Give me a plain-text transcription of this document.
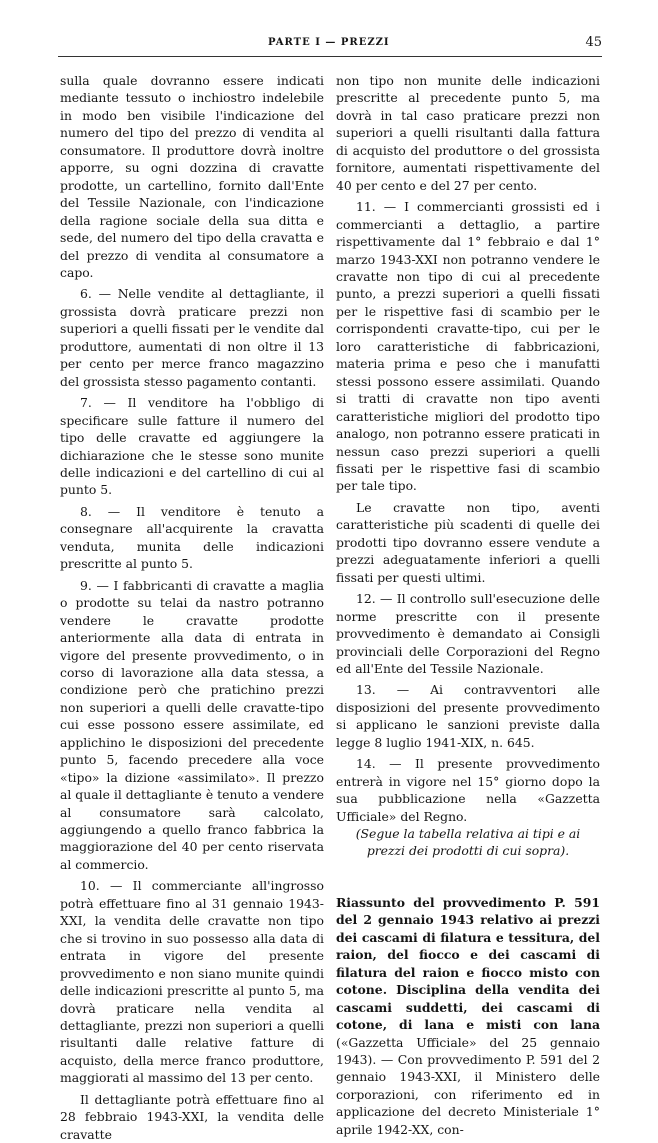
PARTE I — PREZZI	45

sulla quale dovranno essere indicati mediante tessuto o inchiostro indelebile in modo ben visibile l'indicazione del numero del tipo del prezzo di vendita al consumatore. Il produttore dovrà inoltre apporre, su ogni dozzina di cravatte prodotte, un cartellino, fornito dall'Ente del Tessile Nazionale, con l'indicazione della ragione sociale della sua ditta e sede, del numero del tipo della cravatta e del prezzo di vendita al consumatore a capo.

6. — Nelle vendite al dettagliante, il grossista dovrà praticare prezzi non superiori a quelli fissati per le vendite dal produttore, aumentati di non oltre il 13 per cento per merce franco magazzino del grossista stesso pagamento contanti.

7. — Il venditore ha l'obbligo di specificare sulle fatture il numero del tipo delle cravatte ed aggiungere la dichiarazione che le stesse sono munite delle indicazioni e del cartellino di cui al punto 5.

8. — Il venditore è tenuto a consegnare all'acquirente la cravatta venduta, munita delle indicazioni prescritte al punto 5.

9. — I fabbricanti di cravatte a maglia o prodotte su telai da nastro potranno vendere le cravatte prodotte anteriormente alla data di entrata in vigore del presente provvedimento, o in corso di lavorazione alla data stessa, a condizione però che pratichino prezzi non superiori a quelli delle cravatte-tipo cui esse possono essere assimilate, ed applichino le disposizioni del precedente punto 5, facendo precedere alla voce «tipo» la dizione «assimilato». Il prezzo al quale il dettagliante è tenuto a vendere al consumatore sarà calcolato, aggiungendo a quello franco fabbrica la maggiorazione del 40 per cento riservata al commercio.

10. — Il commerciante all'ingrosso potrà effettuare fino al 31 gennaio 1943-XXI, la vendita delle cravatte non tipo che si trovino in suo possesso alla data di entrata in vigore del presente provvedimento e non siano munite quindi delle indicazioni prescritte al punto 5, ma dovrà praticare nella vendita al dettagliante, prezzi non superiori a quelli risultanti dalle relative fatture di acquisto, della merce franco produttore, maggiorati al massimo del 13 per cento.

Il dettagliante potrà effettuare fino al 28 febbraio 1943-XXI, la vendita delle cravatte

non tipo non munite delle indicazioni prescritte al precedente punto 5, ma dovrà in tal caso praticare prezzi non superiori a quelli risultanti dalla fattura di acquisto del produttore o del grossista fornitore, aumentati rispettivamente del 40 per cento e del 27 per cento.

11. — I commercianti grossisti ed i commercianti a dettaglio, a partire rispettivamente dal 1° febbraio e dal 1° marzo 1943-XXI non potranno vendere le cravatte non tipo di cui al precedente punto, a prezzi superiori a quelli fissati per le rispettive fasi di scambio per le corrispondenti cravatte-tipo, cui per le loro caratteristiche di fabbricazioni, materia prima e peso che i manufatti stessi possono essere assimilati. Quando si tratti di cravatte non tipo aventi caratteristiche migliori del prodotto tipo analogo, non potranno essere praticati in nessun caso prezzi superiori a quelli fissati per le rispettive fasi di scambio per tale tipo.

Le cravatte non tipo, aventi caratteristiche più scadenti di quelle dei prodotti tipo dovranno essere vendute a prezzi adeguatamente inferiori a quelli fissati per questi ultimi.

12. — Il controllo sull'esecuzione delle norme prescritte con il presente provvedimento è demandato ai Consigli provinciali delle Corporazioni del Regno ed all'Ente del Tessile Nazionale.

13. — Ai contravventori alle disposizioni del presente provvedimento si applicano le sanzioni previste dalla legge 8 luglio 1941-XIX, n. 645.

14. — Il presente provvedimento entrerà in vigore nel 15° giorno dopo la sua pubblicazione nella «Gazzetta Ufficiale» del Regno.

(Segue la tabella relativa ai tipi e ai prezzi dei prodotti di cui sopra).

Riassunto del provvedimento P. 591 del 2 gennaio 1943 relativo ai prezzi dei cascami di filatura e tessitura, del raion, del fiocco e dei cascami di filatura del raion e fiocco misto con cotone. Disciplina della vendita dei cascami suddetti, dei cascami di cotone, di lana e misti con lana («Gazzetta Ufficiale» del 25 gennaio 1943). — Con provvedimento P. 591 del 2 gennaio 1943-XXI, il Ministero delle corporazioni, con riferimento ed in applicazione del decreto Ministeriale 1° aprile 1942-XX, con-
